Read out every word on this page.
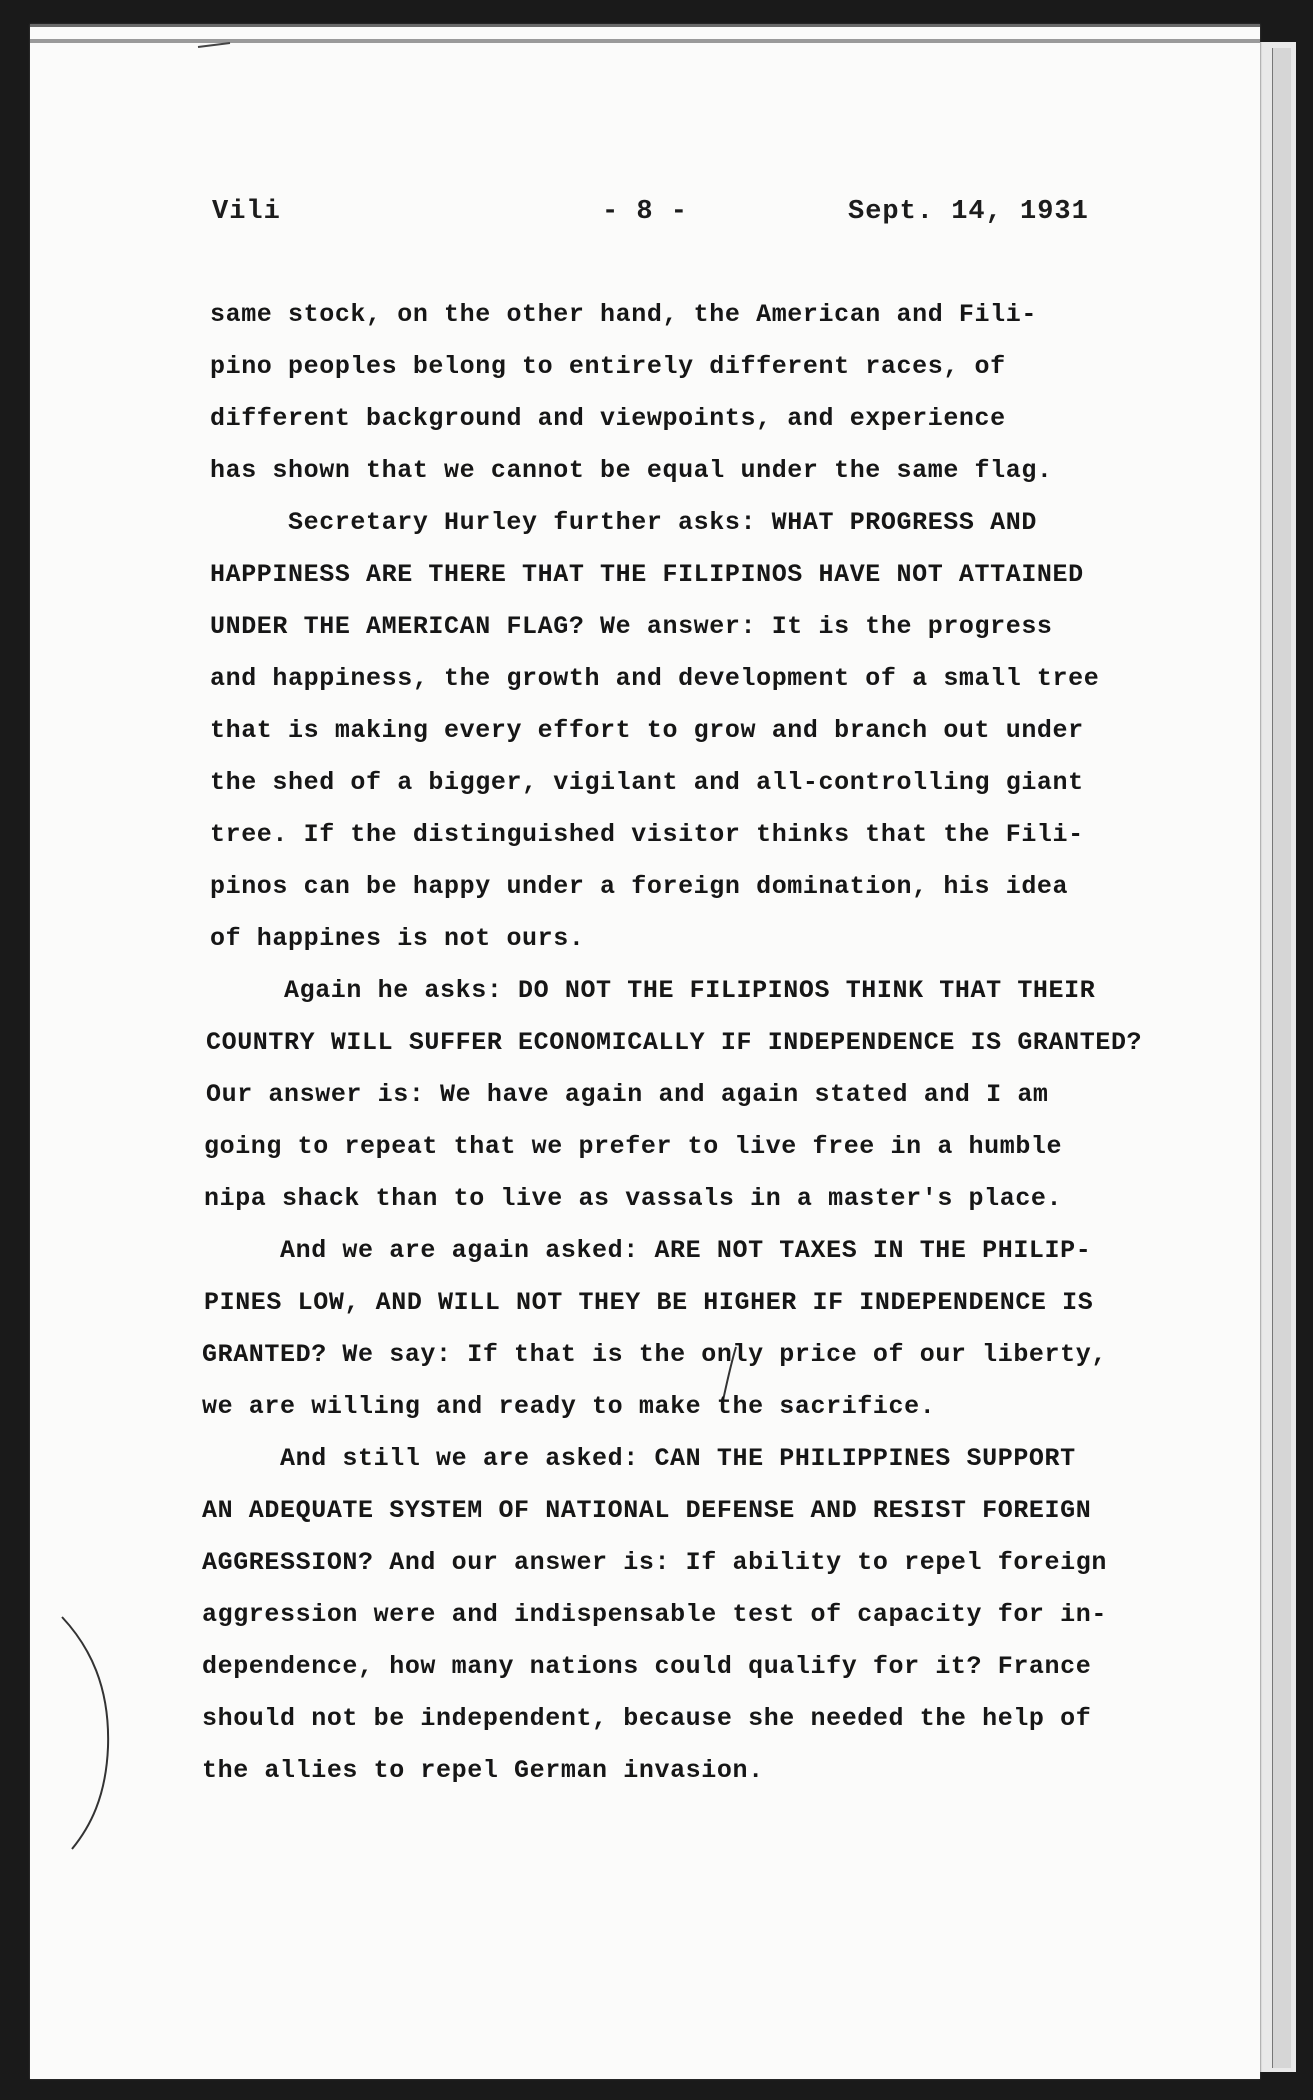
Vili	- 8 -	Sept. 14, 1931
same stock, on the other hand, the American and Fili-
pino peoples belong to entirely different races, of
different background and viewpoints, and experience
has shown that we cannot be equal under the same flag.
Secretary Hurley further asks: WHAT PROGRESS AND
HAPPINESS ARE THERE THAT THE FILIPINOS HAVE NOT ATTAINED
UNDER THE AMERICAN FLAG? We answer: It is the progress
and happiness, the growth and development of a small tree
that is making every effort to grow and branch out under
the shed of a bigger, vigilant and all-controlling giant
tree. If the distinguished visitor thinks that the Fili-
pinos can be happy under a foreign domination, his idea
of happines is not ours.
Again he asks: DO NOT THE FILIPINOS THINK THAT THEIR
COUNTRY WILL SUFFER ECONOMICALLY IF INDEPENDENCE IS GRANTED?
Our answer is: We have again and again stated and I am
going to repeat that we prefer to live free in a humble
nipa shack than to live as vassals in a master's place.
And we are again asked: ARE NOT TAXES IN THE PHILIP-
PINES LOW, AND WILL NOT THEY BE HIGHER IF INDEPENDENCE IS
GRANTED? We say: If that is the only price of our liberty,
we are willing and ready to make the sacrifice.
And still we are asked: CAN THE PHILIPPINES SUPPORT
AN ADEQUATE SYSTEM OF NATIONAL DEFENSE AND RESIST FOREIGN
AGGRESSION? And our answer is: If ability to repel foreign
aggression were and indispensable test of capacity for in-
dependence, how many nations could qualify for it? France
should not be independent, because she needed the help of
the allies to repel German invasion.
